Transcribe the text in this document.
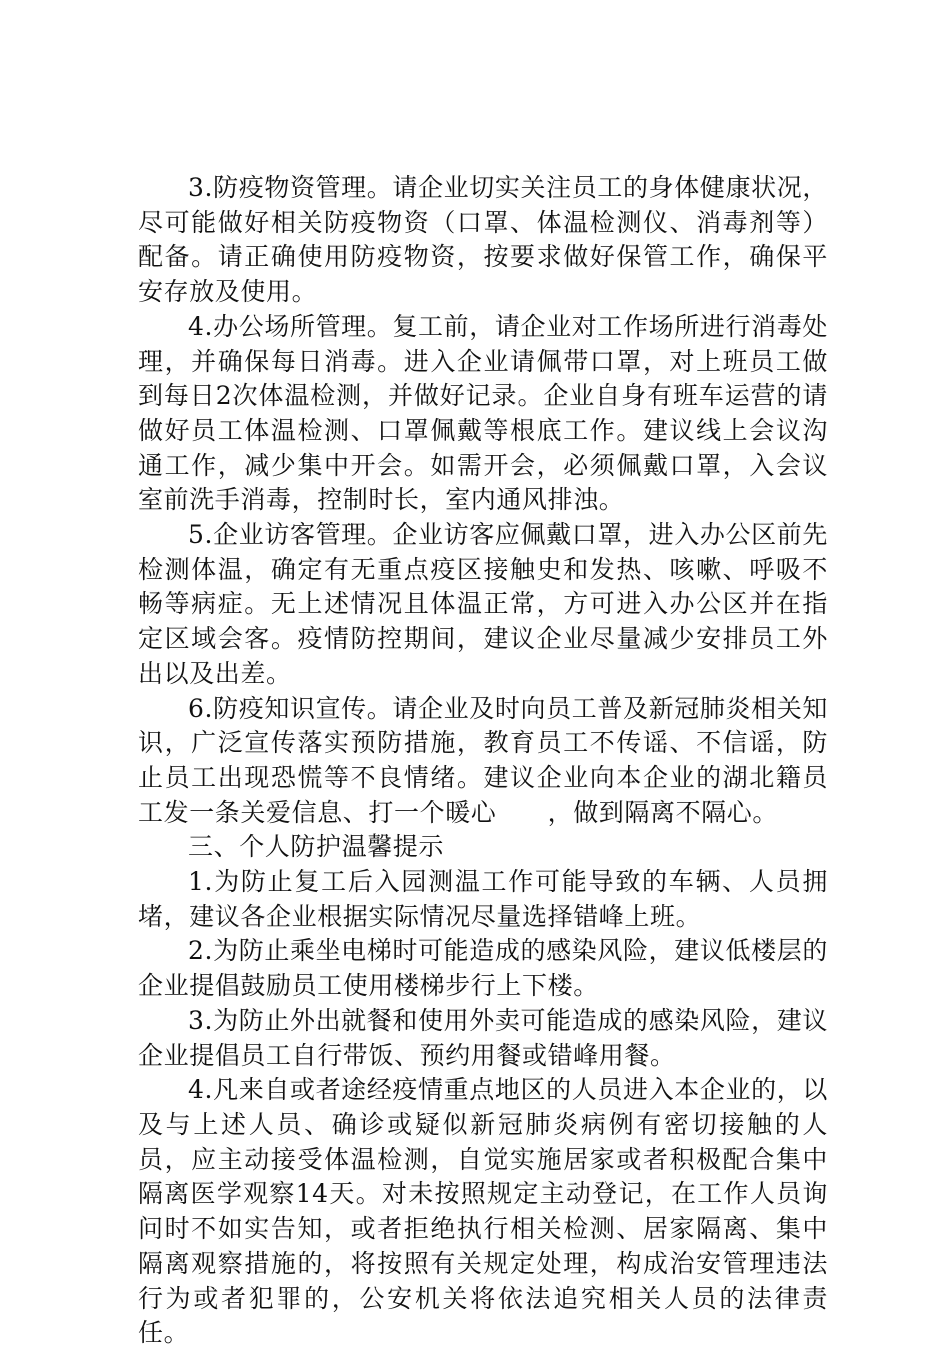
3.防疫物资管理。请企业切实关注员工的身体健康状况，尽可能做好相关防疫物资（口罩、体温检测仪、消毒剂等）配备。请正确使用防疫物资，按要求做好保管工作，确保平安存放及使用。

4.办公场所管理。复工前，请企业对工作场所进行消毒处理，并确保每日消毒。进入企业请佩带口罩，对上班员工做到每日2次体温检测，并做好记录。企业自身有班车运营的请做好员工体温检测、口罩佩戴等根底工作。建议线上会议沟通工作，减少集中开会。如需开会，必须佩戴口罩，入会议室前洗手消毒，控制时长，室内通风排浊。

5.企业访客管理。企业访客应佩戴口罩，进入办公区前先检测体温，确定有无重点疫区接触史和发热、咳嗽、呼吸不畅等病症。无上述情况且体温正常，方可进入办公区并在指定区域会客。疫情防控期间，建议企业尽量减少安排员工外出以及出差。

6.防疫知识宣传。请企业及时向员工普及新冠肺炎相关知识，广泛宣传落实预防措施，教育员工不传谣、不信谣，防止员工出现恐慌等不良情绪。建议企业向本企业的湖北籍员工发一条关爱信息、打一个暖心　　，做到隔离不隔心。

三、个人防护温馨提示

1.为防止复工后入园测温工作可能导致的车辆、人员拥堵，建议各企业根据实际情况尽量选择错峰上班。

2.为防止乘坐电梯时可能造成的感染风险，建议低楼层的企业提倡鼓励员工使用楼梯步行上下楼。

3.为防止外出就餐和使用外卖可能造成的感染风险，建议企业提倡员工自行带饭、预约用餐或错峰用餐。

4.凡来自或者途经疫情重点地区的人员进入本企业的，以及与上述人员、确诊或疑似新冠肺炎病例有密切接触的人员，应主动接受体温检测，自觉实施居家或者积极配合集中隔离医学观察14天。对未按照规定主动登记，在工作人员询问时不如实告知，或者拒绝执行相关检测、居家隔离、集中隔离观察措施的，将按照有关规定处理，构成治安管理违法行为或者犯罪的，公安机关将依法追究相关人员的法律责任。
